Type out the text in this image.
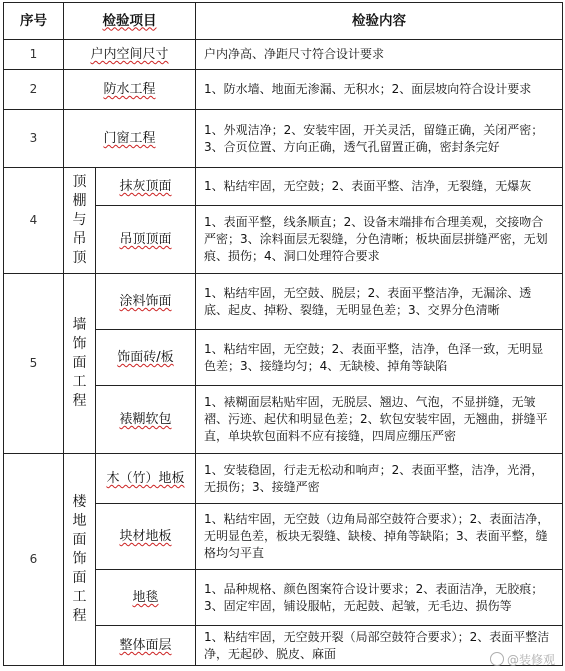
序号	检验项目		检验内容
1	户内空间尺寸		户内净高、净距尺寸符合设计要求
2	防水工程		1、防水墙、地面无渗漏、无积水；2、面层坡向符合设计要求
3	门窗工程		1、外观洁净；2、安装牢固，开关灵活，留缝正确，关闭严密；3、合页位置、方向正确，透气孔留置正确，密封条完好
4	顶棚与吊顶	抹灰顶面	1、粘结牢固，无空鼓；2、表面平整、洁净，无裂缝，无爆灰
		吊顶顶面	1、表面平整，线条顺直；2、设备末端排布合理美观，交接吻合严密；3、涂料面层无裂缝，分色清晰；板块面层拼缝严密，无划痕、损伤；4、洞口处理符合要求
5	墙饰面工程	涂料饰面	1、粘结牢固，无空鼓、脱层；2、表面平整洁净，无漏涂、透底、起皮、掉粉、裂缝，无明显色差；3、交界分色清晰
		饰面砖/板	1、粘结牢固，无空鼓；2、表面平整，洁净，色泽一致，无明显色差；3、接缝均匀；4、无缺棱、掉角等缺陷
		裱糊软包	1、裱糊面层粘贴牢固，无脱层、翘边、气泡，不显拼缝，无皱褶、污迹、起伏和明显色差；2、软包安装牢固，无翘曲，拼缝平直，单块软包面料不应有接缝，四周应绷压严密
6	楼地面饰面工程	木（竹）地板	1、安装稳固，行走无松动和响声；2、表面平整，洁净，光滑，无损伤；3、接缝严密
		块材地板	1、粘结牢固，无空鼓（边角局部空鼓符合要求）；2、表面洁净，无明显色差，板块无裂缝、缺棱、掉角等缺陷；3、表面平整，缝格均匀平直
		地毯	1、品种规格、颜色图案符合设计要求；2、表面洁净，无胶痕；3、固定牢固，铺设服帖，无起鼓、起皱，无毛边、损伤等
		整体面层	1、粘结牢固，无空鼓开裂（局部空鼓符合要求）；2、表面平整洁净，无起砂、脱皮、麻面	@装修观
